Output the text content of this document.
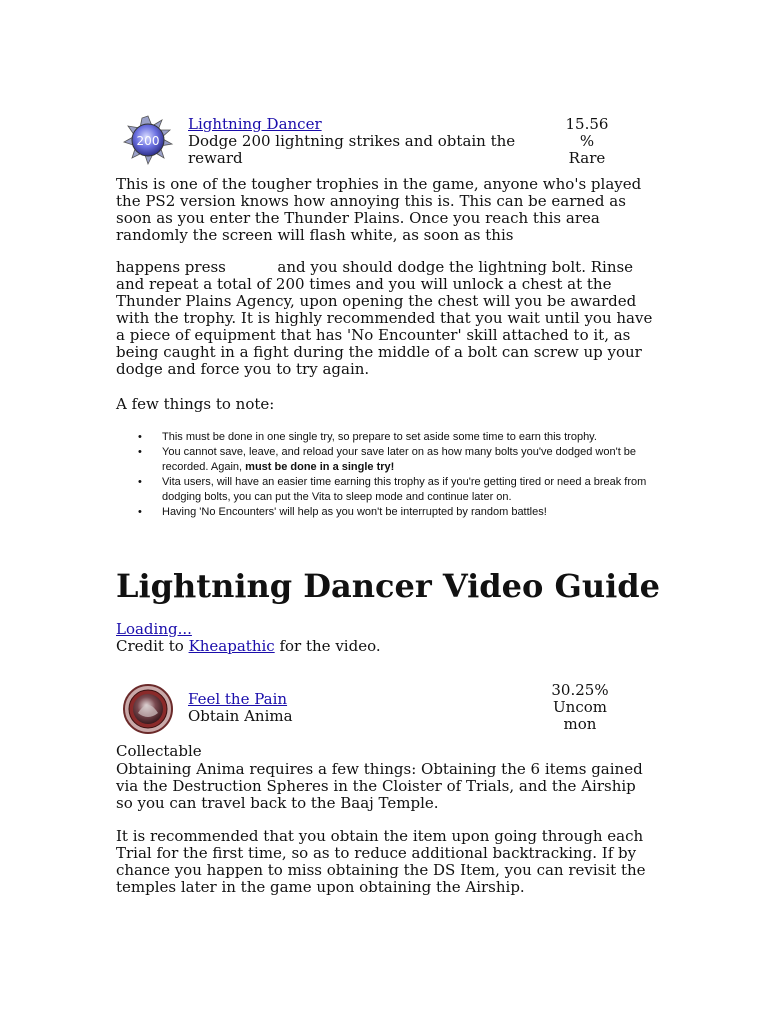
200
Lightning Dancer
Dodge 200 lightning strikes and obtain the reward
15.56
%
Rare

This is one of the tougher trophies in the game, anyone who's played the PS2 version knows how annoying this is. This can be earned as soon as you enter the Thunder Plains. Once you reach this area randomly the screen will flash white, as soon as this

happens press	and you should dodge the lightning bolt. Rinse and repeat a total of 200 times and you will unlock a chest at the Thunder Plains Agency, upon opening the chest will you be awarded with the trophy. It is highly recommended that you wait until you have a piece of equipment that has 'No Encounter' skill attached to it, as being caught in a fight during the middle of a bolt can screw up your dodge and force you to try again.

A few things to note:

• This must be done in one single try, so prepare to set aside some time to earn this trophy.
• You cannot save, leave, and reload your save later on as how many bolts you've dodged won't be recorded. Again, must be done in a single try!
• Vita users, will have an easier time earning this trophy as if you're getting tired or need a break from dodging bolts, you can put the Vita to sleep mode and continue later on.
• Having 'No Encounters' will help as you won't be interrupted by random battles!
Lightning Dancer Video Guide
Loading...
Credit to Kheapathic for the video.
Feel the Pain
Obtain Anima
30.25%
Uncom
mon
Collectable

Obtaining Anima requires a few things: Obtaining the 6 items gained via the Destruction Spheres in the Cloister of Trials, and the Airship so you can travel back to the Baaj Temple.

It is recommended that you obtain the item upon going through each Trial for the first time, so as to reduce additional backtracking. If by chance you happen to miss obtaining the DS Item, you can revisit the temples later in the game upon obtaining the Airship.
